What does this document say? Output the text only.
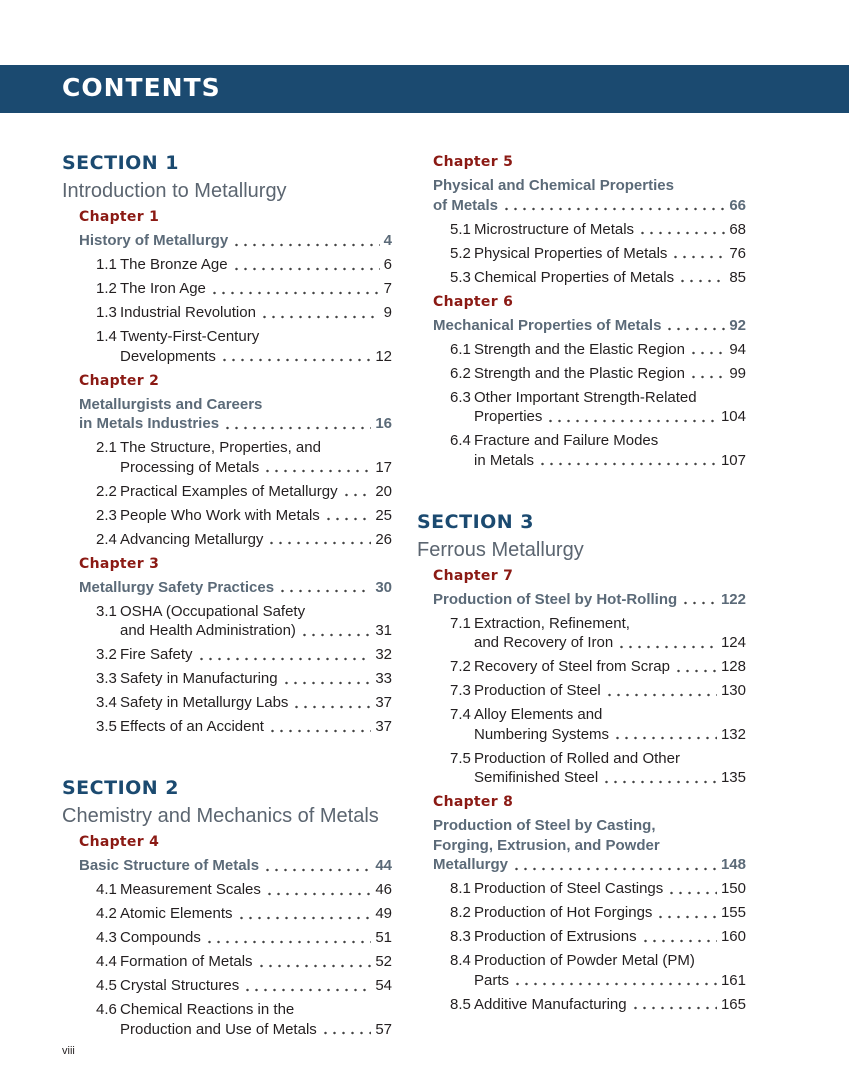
CONTENTS
SECTION 1
Introduction to Metallurgy
Chapter 1
History of Metallurgy	4
1.1 The Bronze Age	6
1.2 The Iron Age	7
1.3 Industrial Revolution	9
1.4 Twenty-First-Century
Developments	12
Chapter 2
Metallurgists and Careers
in Metals Industries	16
2.1 The Structure, Properties, and
Processing of Metals	17
2.2 Practical Examples of Metallurgy	20
2.3 People Who Work with Metals	25
2.4 Advancing Metallurgy	26
Chapter 3
Metallurgy Safety Practices	30
3.1 OSHA (Occupational Safety
and Health Administration)	31
3.2 Fire Safety	32
3.3 Safety in Manufacturing	33
3.4 Safety in Metallurgy Labs	37
3.5 Effects of an Accident	37
SECTION 2
Chemistry and Mechanics of Metals
Chapter 4
Basic Structure of Metals	44
4.1 Measurement Scales	46
4.2 Atomic Elements	49
4.3 Compounds	51
4.4 Formation of Metals	52
4.5 Crystal Structures	54
4.6 Chemical Reactions in the
Production and Use of Metals	57
Chapter 5
Physical and Chemical Properties
of Metals	66
5.1 Microstructure of Metals	68
5.2 Physical Properties of Metals	76
5.3 Chemical Properties of Metals	85
Chapter 6
Mechanical Properties of Metals	92
6.1 Strength and the Elastic Region	94
6.2 Strength and the Plastic Region	99
6.3 Other Important Strength-Related
Properties	104
6.4 Fracture and Failure Modes
in Metals	107
SECTION 3
Ferrous Metallurgy
Chapter 7
Production of Steel by Hot-Rolling	122
7.1 Extraction, Refinement,
and Recovery of Iron	124
7.2 Recovery of Steel from Scrap	128
7.3 Production of Steel	130
7.4 Alloy Elements and
Numbering Systems	132
7.5 Production of Rolled and Other
Semifinished Steel	135
Chapter 8
Production of Steel by Casting,
Forging, Extrusion, and Powder
Metallurgy	148
8.1 Production of Steel Castings	150
8.2 Production of Hot Forgings	155
8.3 Production of Extrusions	160
8.4 Production of Powder Metal (PM)
Parts	161
8.5 Additive Manufacturing	165
viii
